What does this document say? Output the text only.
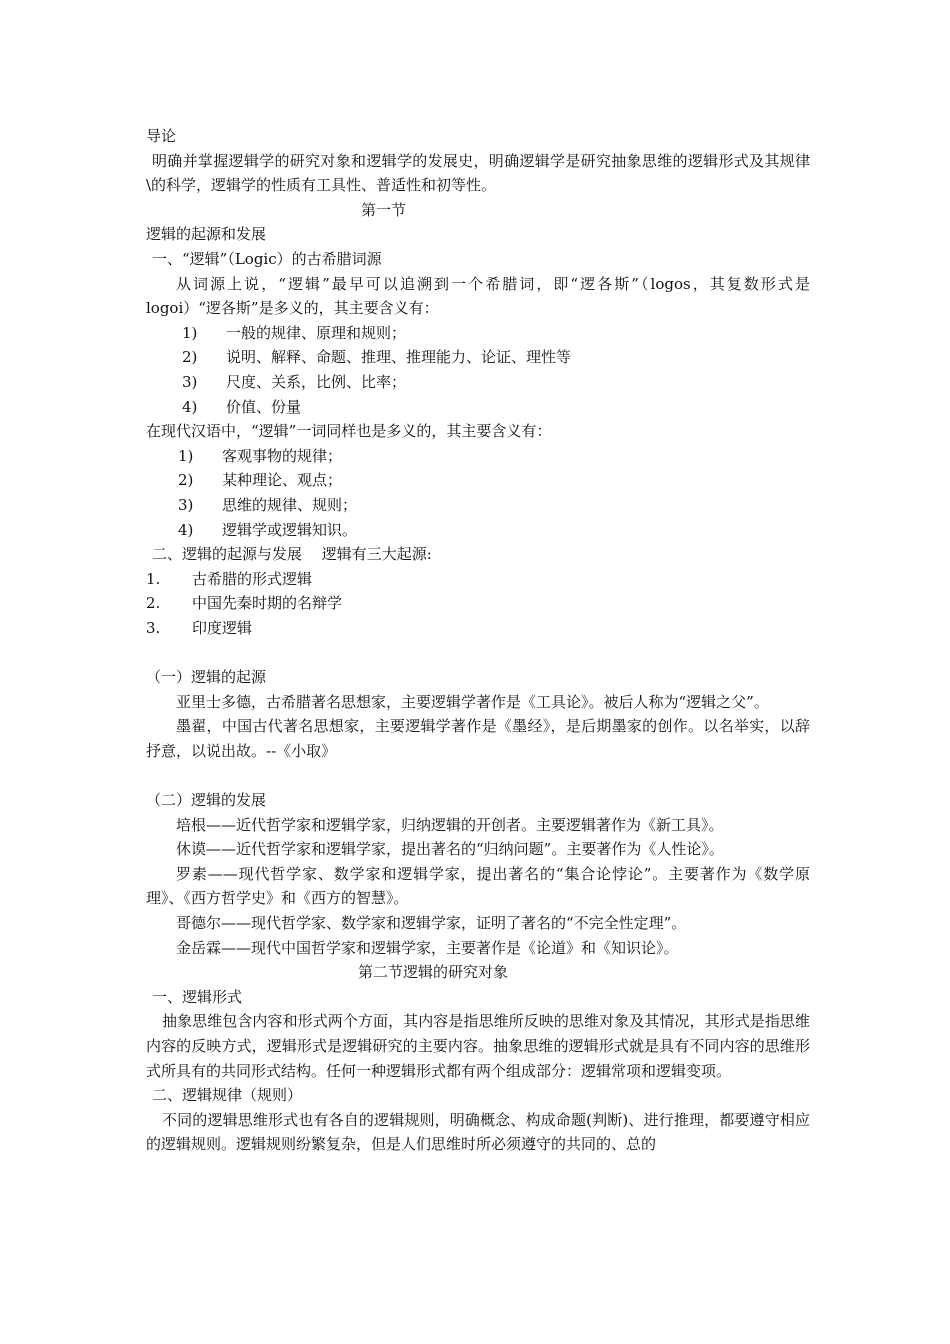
导论

明确并掌握逻辑学的研究对象和逻辑学的发展史，明确逻辑学是研究抽象思维的逻辑形式及其规律\的科学，逻辑学的性质有工具性、普适性和初等性。

第一节

逻辑的起源和发展

一、“逻辑”（Logic）的古希腊词源

从词源上说，“逻辑”最早可以追溯到一个希腊词，即“逻各斯”（logos，其复数形式是 logoi）“逻各斯”是多义的，其主要含义有：

1) 一般的规律、原理和规则；

2) 说明、解释、命题、推理、推理能力、论证、理性等

3) 尺度、关系，比例、比率；

4) 价值、份量

在现代汉语中，“逻辑”一词同样也是多义的，其主要含义有：

1) 客观事物的规律；

2) 某种理论、观点；

3) 思维的规律、规则；

4) 逻辑学或逻辑知识。

二、逻辑的起源与发展　 逻辑有三大起源:

1. 古希腊的形式逻辑

2. 中国先秦时期的名辩学

3. 印度逻辑

（一）逻辑的起源

亚里士多德，古希腊著名思想家，主要逻辑学著作是《工具论》。被后人称为“逻辑之父”。

墨翟，中国古代著名思想家，主要逻辑学著作是《墨经》，是后期墨家的创作。以名举实，以辞抒意，以说出故。--《小取》

（二）逻辑的发展

培根——近代哲学家和逻辑学家，归纳逻辑的开创者。主要逻辑著作为《新工具》。

休谟——近代哲学家和逻辑学家，提出著名的“归纳问题”。主要著作为《人性论》。

罗素——现代哲学家、数学家和逻辑学家，提出著名的“集合论悖论”。主要著作为《数学原理》、《西方哲学史》和《西方的智慧》。

哥德尔——现代哲学家、数学家和逻辑学家，证明了著名的“不完全性定理”。

金岳霖——现代中国哲学家和逻辑学家，主要著作是《论道》和《知识论》。

第二节逻辑的研究对象

一、逻辑形式

抽象思维包含内容和形式两个方面，其内容是指思维所反映的思维对象及其情况，其形式是指思维内容的反映方式，逻辑形式是逻辑研究的主要内容。抽象思维的逻辑形式就是具有不同内容的思维形式所具有的共同形式结构。任何一种逻辑形式都有两个组成部分：逻辑常项和逻辑变项。

二、逻辑规律（规则）

不同的逻辑思维形式也有各自的逻辑规则，明确概念、构成命题(判断)、进行推理，都要遵守相应的逻辑规则。逻辑规则纷繁复杂，但是人们思维时所必须遵守的共同的、总的
